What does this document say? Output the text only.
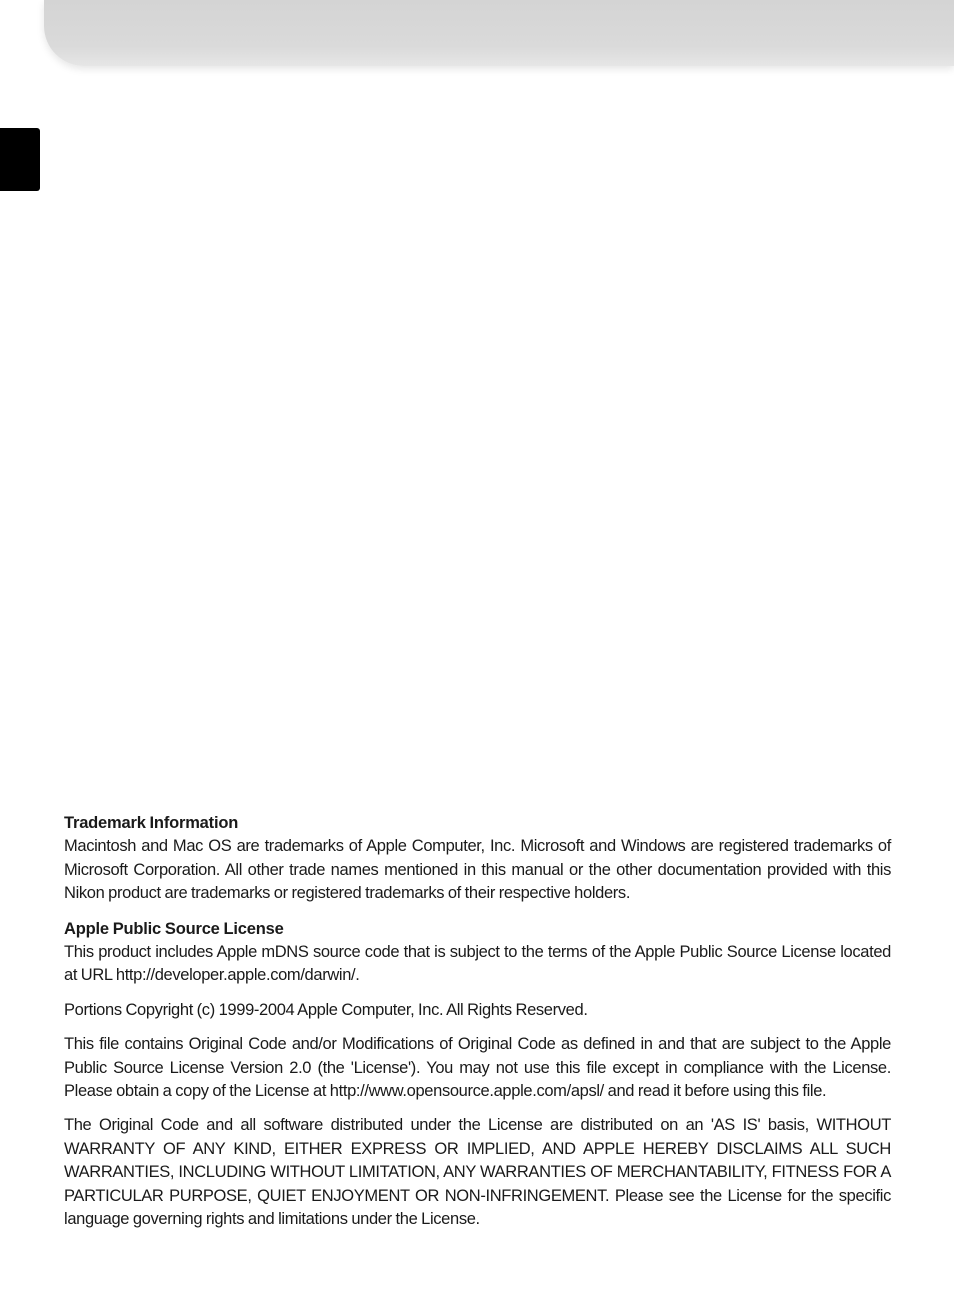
Trademark Information

Macintosh and Mac OS are trademarks of Apple Computer, Inc. Microsoft and Windows are registered trademarks of Microsoft Corporation. All other trade names mentioned in this manual or the other documentation provided with this Nikon product are trademarks or registered trademarks of their respective holders.

Apple Public Source License

This product includes Apple mDNS source code that is subject to the terms of the Apple Public Source License located at URL http://developer.apple.com/darwin/.

Portions Copyright (c) 1999-2004 Apple Computer, Inc. All Rights Reserved.

This file contains Original Code and/or Modifications of Original Code as defined in and that are subject to the Apple Public Source License Version 2.0 (the 'License'). You may not use this file except in compliance with the License. Please obtain a copy of the License at http://www.opensource.apple.com/apsl/ and read it before using this file.

The Original Code and all software distributed under the License are distributed on an 'AS IS' basis, WITHOUT WARRANTY OF ANY KIND, EITHER EXPRESS OR IMPLIED, AND APPLE HEREBY DISCLAIMS ALL SUCH WARRANTIES, INCLUDING WITHOUT LIMITATION, ANY WARRANTIES OF MERCHANTABILITY, FITNESS FOR A PARTICULAR PURPOSE, QUIET ENJOYMENT OR NON-INFRINGEMENT. Please see the License for the specific language governing rights and limitations under the License.
